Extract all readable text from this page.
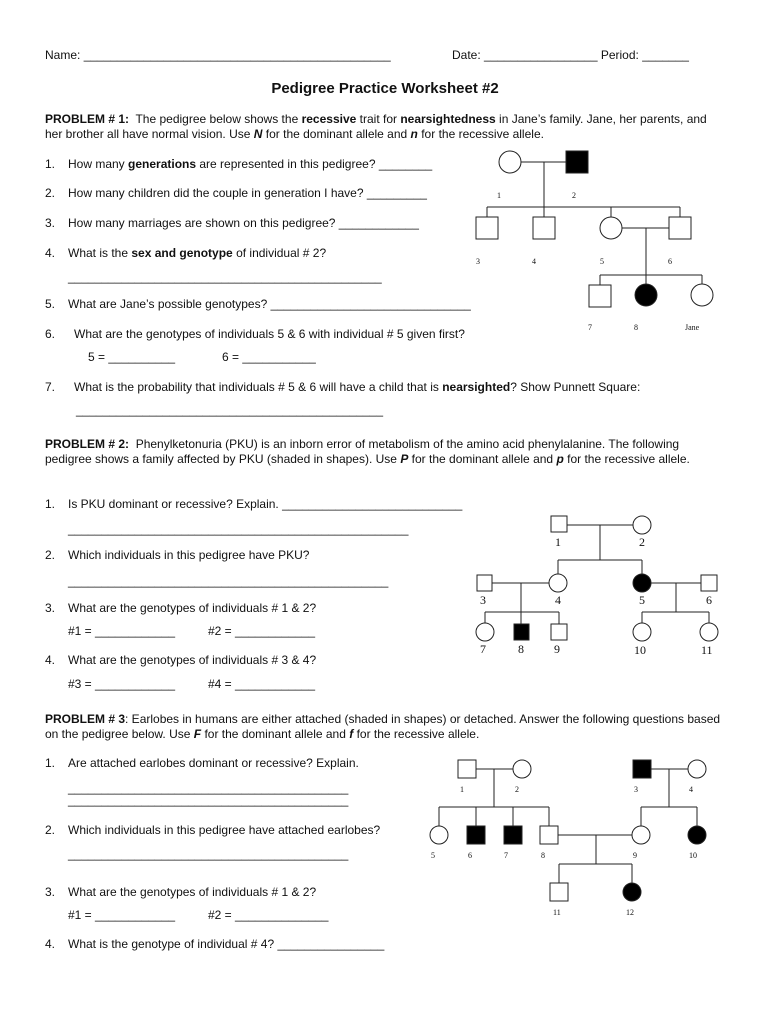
Name: ______________________________________________	Date: _________________ Period: _______
Pedigree Practice Worksheet #2
PROBLEM # 1: The pedigree below shows the recessive trait for nearsightedness in Jane’s family. Jane, her parents, and her brother all have normal vision. Use N for the dominant allele and n for the recessive allele.
1. How many generations are represented in this pedigree? ________
2. How many children did the couple in generation I have? _________
3. How many marriages are shown on this pedigree? ____________
4. What is the sex and genotype of individual # 2?
_______________________________________________
5. What are Jane’s possible genotypes? ______________________________
6. What are the genotypes of individuals 5 & 6 with individual # 5 given first?
5 = __________	6 = ___________
7. What is the probability that individuals # 5 & 6 will have a child that is nearsighted? Show Punnett Square:
______________________________________________
1	2
3	4	5	6
7	8	Jane
PROBLEM # 2: Phenylketonuria (PKU) is an inborn error of metabolism of the amino acid phenylalanine. The following pedigree shows a family affected by PKU (shaded in shapes). Use P for the dominant allele and p for the recessive allele.
1. Is PKU dominant or recessive? Explain. ___________________________
___________________________________________________
2. Which individuals in this pedigree have PKU?
________________________________________________
3. What are the genotypes of individuals # 1 & 2?
#1 = ____________	#2 = ____________
4. What are the genotypes of individuals # 3 & 4?
#3 = ____________	#4 = ____________
1	2
3	4	5	6
7	8	9	10	11
PROBLEM # 3: Earlobes in humans are either attached (shaded in shapes) or detached. Answer the following questions based on the pedigree below. Use F for the dominant allele and f for the recessive allele.
1. Are attached earlobes dominant or recessive? Explain.
__________________________________________
__________________________________________
2. Which individuals in this pedigree have attached earlobes?
__________________________________________
3. What are the genotypes of individuals # 1 & 2?
#1 = ____________	#2 = ______________
4. What is the genotype of individual # 4? ________________
1	2	3	4
5	6	7	8	9	10
11	12
